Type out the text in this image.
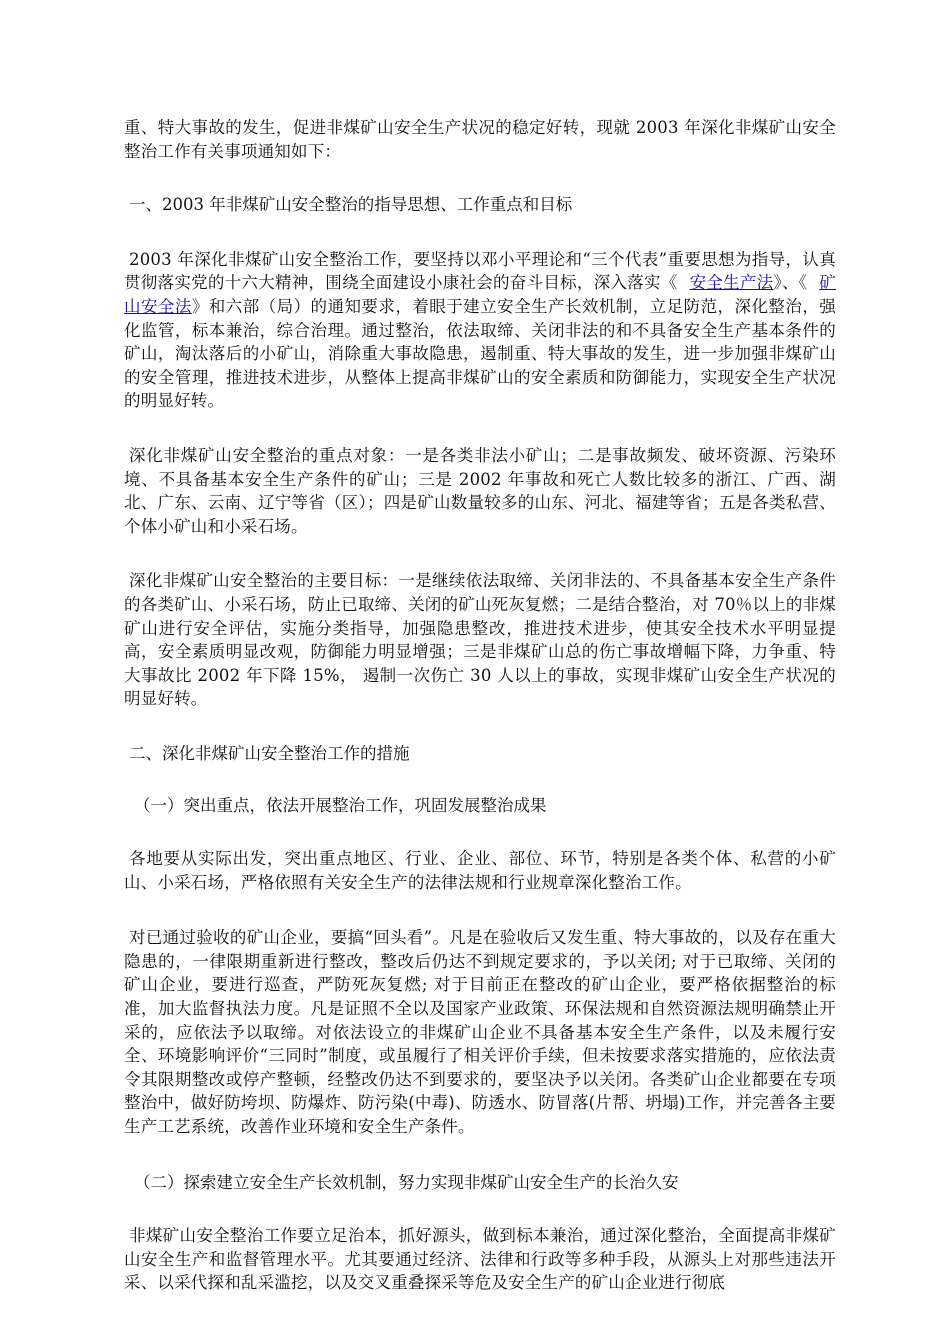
重、特大事故的发生，促进非煤矿山安全生产状况的稳定好转，现就 2003 年深化非煤矿山安全整治工作有关事项通知如下：

一、2003 年非煤矿山安全整治的指导思想、工作重点和目标

2003 年深化非煤矿山安全整治工作，要坚持以邓小平理论和“三个代表”重要思想为指导，认真贯彻落实党的十六大精神，围绕全面建设小康社会的奋斗目标，深入落实《 安全生产法》、《 矿山安全法》和六部（局）的通知要求，着眼于建立安全生产长效机制，立足防范，深化整治，强化监管，标本兼治，综合治理。通过整治，依法取缔、关闭非法的和不具备安全生产基本条件的矿山，淘汰落后的小矿山，消除重大事故隐患，遏制重、特大事故的发生，进一步加强非煤矿山的安全管理，推进技术进步，从整体上提高非煤矿山的安全素质和防御能力，实现安全生产状况的明显好转。

深化非煤矿山安全整治的重点对象：一是各类非法小矿山；二是事故频发、破坏资源、污染环境、不具备基本安全生产条件的矿山；三是 2002 年事故和死亡人数比较多的浙江、广西、湖北、广东、云南、辽宁等省（区）；四是矿山数量较多的山东、河北、福建等省；五是各类私营、个体小矿山和小采石场。

深化非煤矿山安全整治的主要目标：一是继续依法取缔、关闭非法的、不具备基本安全生产条件的各类矿山、小采石场，防止已取缔、关闭的矿山死灰复燃；二是结合整治，对 70％以上的非煤矿山进行安全评估，实施分类指导，加强隐患整改，推进技术进步，使其安全技术水平明显提高，安全素质明显改观，防御能力明显增强；三是非煤矿山总的伤亡事故增幅下降，力争重、特大事故比 2002 年下降 15%， 遏制一次伤亡 30 人以上的事故，实现非煤矿山安全生产状况的明显好转。

二、深化非煤矿山安全整治工作的措施

（一）突出重点，依法开展整治工作，巩固发展整治成果

各地要从实际出发，突出重点地区、行业、企业、部位、环节，特别是各类个体、私营的小矿山、小采石场，严格依照有关安全生产的法律法规和行业规章深化整治工作。

对已通过验收的矿山企业，要搞“回头看”。凡是在验收后又发生重、特大事故的，以及存在重大隐患的，一律限期重新进行整改，整改后仍达不到规定要求的，予以关闭; 对于已取缔、关闭的矿山企业，要进行巡查，严防死灰复燃; 对于目前正在整改的矿山企业，要严格依据整治的标准，加大监督执法力度。凡是证照不全以及国家产业政策、环保法规和自然资源法规明确禁止开采的，应依法予以取缔。对依法设立的非煤矿山企业不具备基本安全生产条件，以及未履行安全、环境影响评价“三同时”制度，或虽履行了相关评价手续，但未按要求落实措施的，应依法责令其限期整改或停产整顿，经整改仍达不到要求的，要坚决予以关闭。各类矿山企业都要在专项整治中，做好防垮坝、防爆炸、防污染(中毒)、防透水、防冒落(片帮、坍塌)工作，并完善各主要生产工艺系统，改善作业环境和安全生产条件。

（二）探索建立安全生产长效机制，努力实现非煤矿山安全生产的长治久安

非煤矿山安全整治工作要立足治本，抓好源头，做到标本兼治，通过深化整治，全面提高非煤矿山安全生产和监督管理水平。尤其要通过经济、法律和行政等多种手段，从源头上对那些违法开采、以采代探和乱采滥挖，以及交叉重叠探采等危及安全生产的矿山企业进行彻底
